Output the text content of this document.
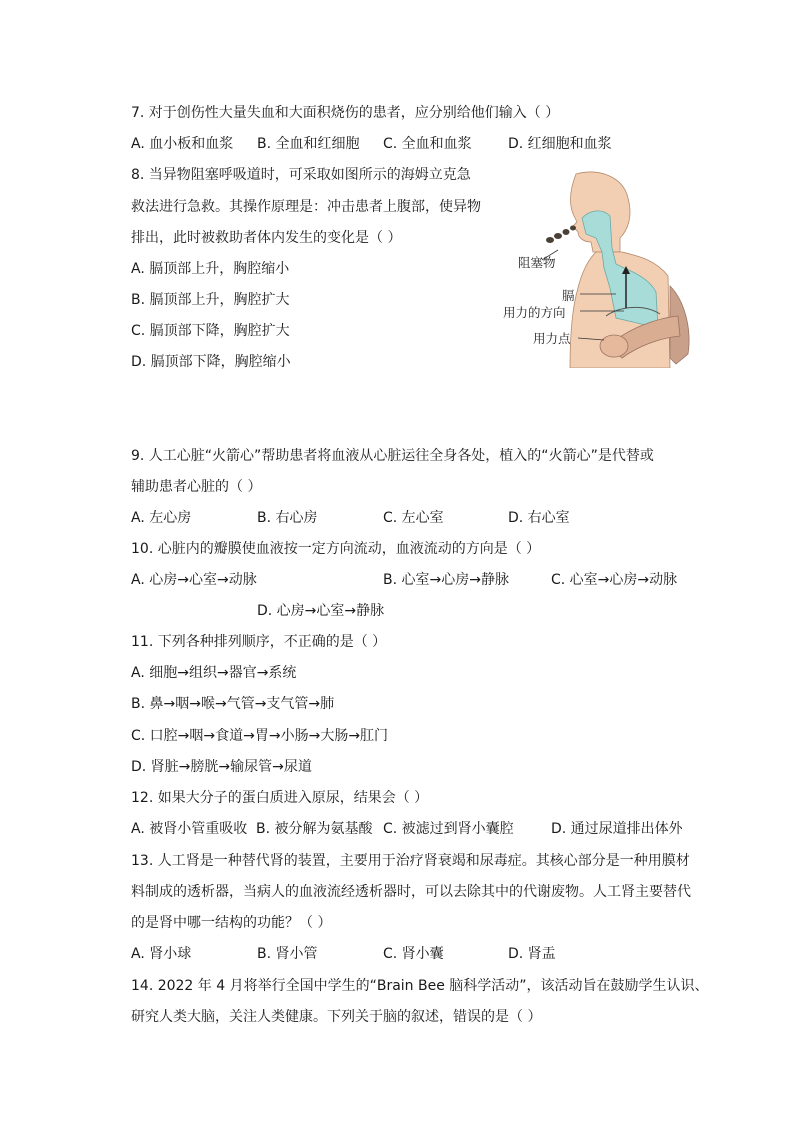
7. 对于创伤性大量失血和大面积烧伤的患者，应分别给他们输入（ ）
A. 血小板和血浆 B. 全血和红细胞 C. 全血和血浆	D. 红细胞和血浆
8. 当异物阻塞呼吸道时，可采取如图所示的海姆立克急
救法进行急救。其操作原理是：冲击患者上腹部，使异物
排出，此时被救助者体内发生的变化是（ ）
A. 膈顶部上升，胸腔缩小
B. 膈顶部上升，胸腔扩大
C. 膈顶部下降，胸腔扩大
D. 膈顶部下降，胸腔缩小
阻塞物
膈
用力的方向
用力点
9. 人工心脏“火箭心”帮助患者将血液从心脏运往全身各处，植入的“火箭心”是代替或
辅助患者心脏的（ ）
A. 左心房	B. 右心房	C. 左心室	D. 右心室
10. 心脏内的瓣膜使血液按一定方向流动，血液流动的方向是（ ）
A. 心房→心室→动脉	B. 心室→心房→静脉	C. 心室→心房→动脉
D. 心房→心室→静脉
11. 下列各种排列顺序，不正确的是（ ）
A. 细胞→组织→器官→系统
B. 鼻→咽→喉→气管→支气管→肺
C. 口腔→咽→食道→胃→小肠→大肠→肛门
D. 肾脏→膀胱→输尿管→尿道
12. 如果大分子的蛋白质进入原尿，结果会（ ）
A. 被肾小管重吸收 B. 被分解为氨基酸 C. 被滤过到肾小囊腔	D. 通过尿道排出体外
13. 人工肾是一种替代肾的装置，主要用于治疗肾衰竭和尿毒症。其核心部分是一种用膜材
料制成的透析器，当病人的血液流经透析器时，可以去除其中的代谢废物。人工肾主要替代
的是肾中哪一结构的功能？（ ）
A. 肾小球	B. 肾小管	C. 肾小囊	D. 肾盂
14. 2022 年 4 月将举行全国中学生的“Brain Bee 脑科学活动”，该活动旨在鼓励学生认识、
研究人类大脑，关注人类健康。下列关于脑的叙述，错误的是（ ）
